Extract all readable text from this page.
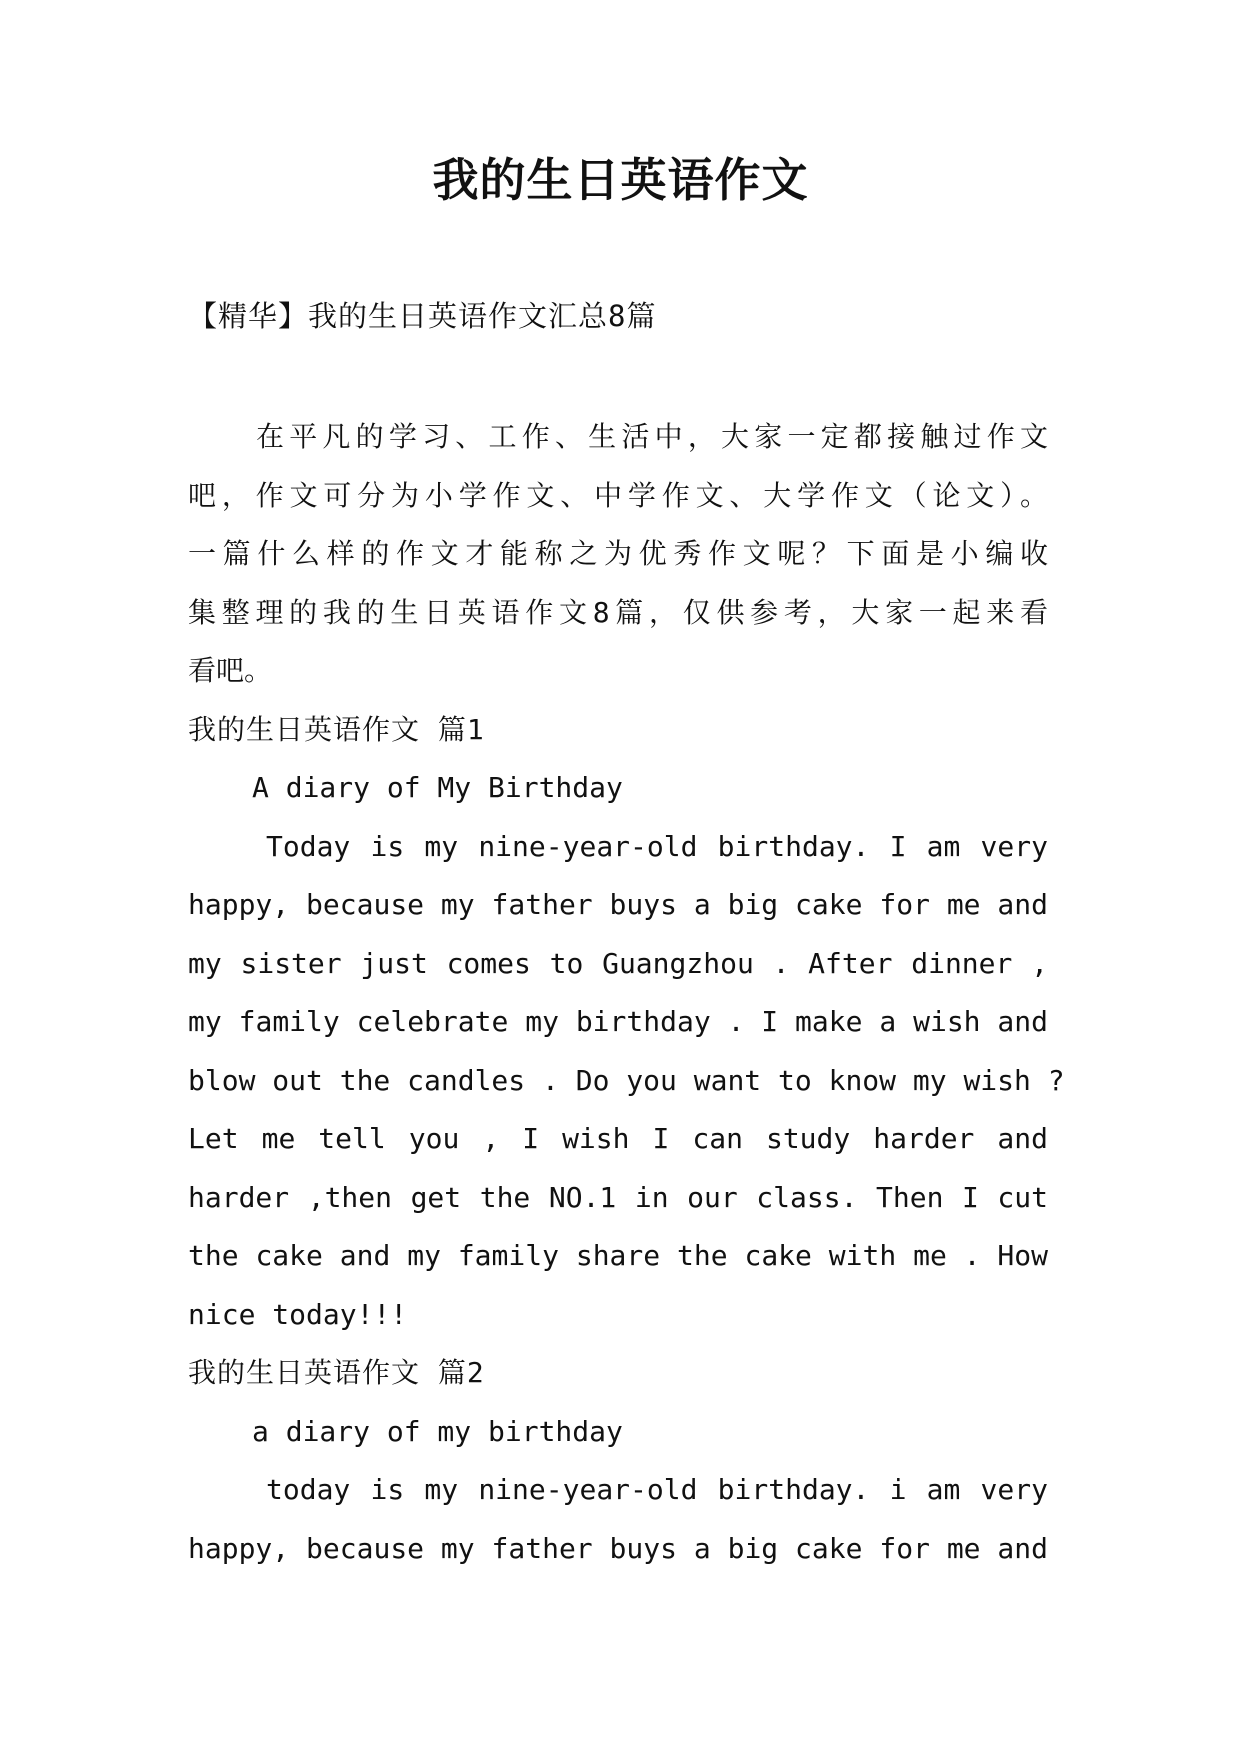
我的生日英语作文
【精华】我的生日英语作文汇总8篇
在平凡的学习、工作、生活中，大家一定都接触过作文
吧，作文可分为小学作文、中学作文、大学作文（论文）。
一篇什么样的作文才能称之为优秀作文呢？下面是小编收
集整理的我的生日英语作文8篇，仅供参考，大家一起来看
看吧。
我的生日英语作文 篇1
A diary of My Birthday
Today is my nine-year-old birthday. I am very
happy, because my father buys a big cake for me and
my sister just comes to Guangzhou . After dinner ,
my family celebrate my birthday . I make a wish and
blow out the candles . Do you want to know my wish ?
Let me tell you , I wish I can study harder and
harder ,then get the NO.1 in our class. Then I cut
the cake and my family share the cake with me . How
nice today!!!
我的生日英语作文 篇2
a diary of my birthday
today is my nine-year-old birthday. i am very
happy, because my father buys a big cake for me and
